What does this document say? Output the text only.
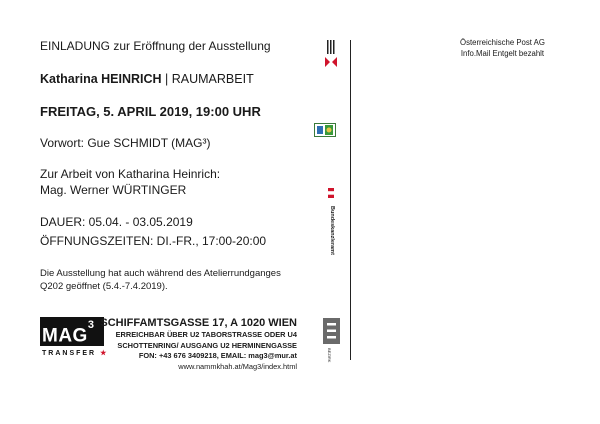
EINLADUNG zur Eröffnung der Ausstellung
Katharina HEINRICH | RAUMARBEIT
FREITAG, 5. APRIL 2019, 19:00 UHR
Vorwort: Gue SCHMIDT (MAG³)
Zur Arbeit von Katharina Heinrich:
Mag. Werner WÜRTINGER
DAUER: 05.04. - 03.05.2019
ÖFFNUNGSZEITEN: DI.-FR., 17:00-20:00
Die Ausstellung hat auch während des Atelierrundganges
Q202 geöffnet (5.4.-7.4.2019).
MAG$^3$
TRANSFER ★
SCHIFFAMTSGASSE 17, A 1020 WIEN
ERREICHBAR ÜBER U2 TABORSTRASSE ODER U4
SCHOTTENRING/ AUSGANG U2 HERMINENGASSE
FON: +43 676 3409218, EMAIL: mag3@mur.at
www.nammkhah.at/Mag3/index.html
Bundeskanzleramt
BEZIRK
Österreichische Post AG
Info.Mail Entgelt bezahlt
